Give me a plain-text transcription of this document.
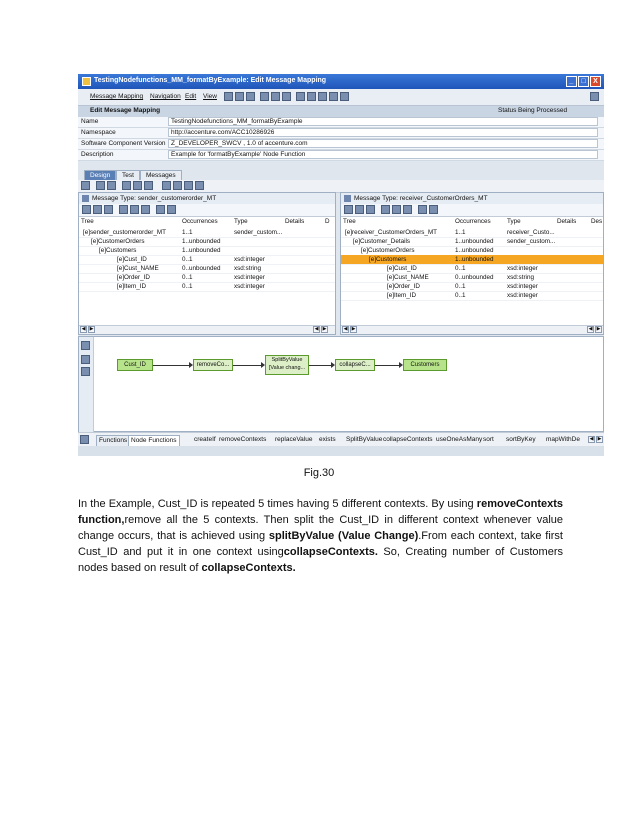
TestingNodefunctions_MM_formatByExample: Edit Message Mapping	_	□	X
Message Mapping Navigation Edit View
Edit Message Mapping	Status Being Processed
Name	TestingNodefunctions_MM_formatByExample
Namespace	http://accenture.com/ACC10286926
Software Component Version Z_DEVELOPER_SWCV , 1.0 of accenture.com
Description	Example for 'formatByExample' Node Function
Design	Test	Messages
Message Type: sender_customerorder_MT
Tree	Occurrences	Type	Details	D
[e]sender_customerorder_MT	1..1	sender_custom...
[e]CustomerOrders	1..unbounded
[e]Customers	1..unbounded
[e]Cust_ID	0..1	xsd:integer
[e]Cust_NAME	0..unbounded xsd:string
[e]Order_ID	0..1	xsd:integer
[e]Item_ID	0..1	xsd:integer
◀ ▶	◀ ▶
Message Type: receiver_CustomerOrders_MT
Tree	Occurrences	Type	Details Des
[e]receiver_CustomerOrders_MT	1..1	receiver_Custo...
[e]Customer_Details	1..unbounded sender_custom...
[e]CustomerOrders	1..unbounded
[e]Customers	1..unbounded
[e]Cust_ID	0..1	xsd:integer
[e]Cust_NAME	0..unbounded xsd:string
[e]Order_ID	0..1	xsd:integer
[e]Item_ID	0..1	xsd:integer
◀ ▶	◀ ▶
Cust_ID	removeCo...
SplitByValue [Value chang...	collapseC...	Customers
Functions Node Functions	createIf removeContexts replaceValue exists SplitByValue collapseContexts useOneAsMany sort sortByKey mapWithDe	◀ ▶
Fig.30

In the Example, Cust_ID is repeated 5 times having 5 different contexts. By using removeContexts function,remove all the 5 contexts. Then split the Cust_ID in different context whenever value change occurs, that is achieved using splitByValue (Value Change).From each context, take first Cust_ID and put it in one context usingcollapseContexts. So, Creating number of Customers nodes based on result of collapseContexts.
